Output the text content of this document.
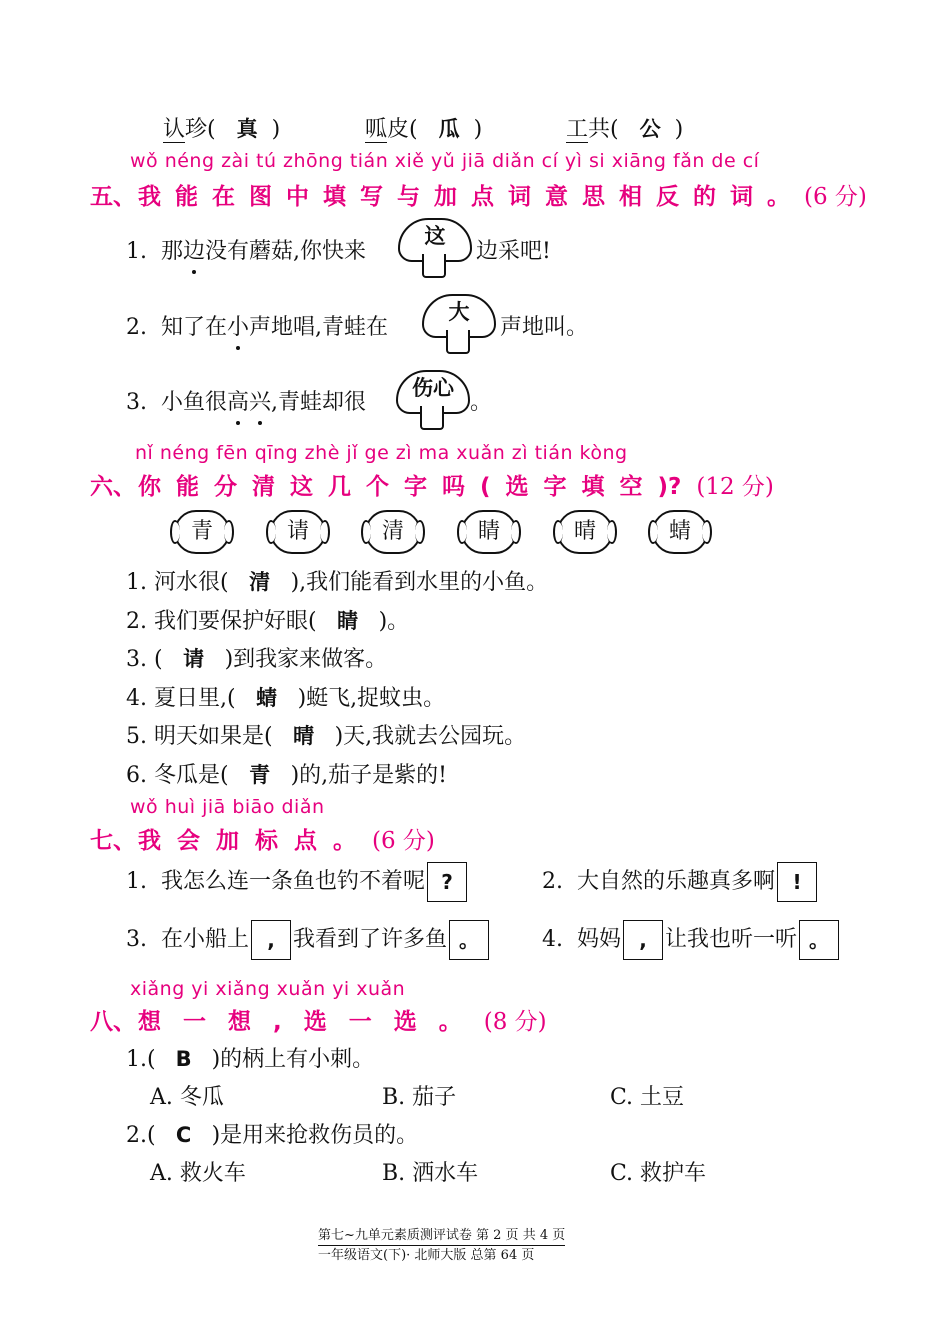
认珍( 真 )	呱皮( 瓜 )	工共( 公 )
wǒ néng zài tú zhōng tián xiě yǔ jiā diǎn cí yì si xiāng fǎn de cí
五、我 能 在 图 中 填 写 与 加 点 词 意 思 相 反 的 词 。 (6 分)
1. 那边没有蘑菇,你快来
这
边采吧!
2. 知了在小声地唱,青蛙在
大
声地叫。
3. 小鱼很高兴,青蛙却很
伤心
。
nǐ néng fēn qīng zhè jǐ ge zì ma xuǎn zì tián kòng
六、你 能 分 清 这 几 个 字 吗 ( 选 字 填 空 )? (12 分)
青	请	清	睛	晴	蜻
1. 河水很( 清 ),我们能看到水里的小鱼。
2. 我们要保护好眼( 睛 )。
3. ( 请 )到我家来做客。
4. 夏日里,( 蜻 )蜓飞,捉蚊虫。
5. 明天如果是( 晴 )天,我就去公园玩。
6. 冬瓜是( 青 )的,茄子是紫的!
wǒ huì jiā biāo diǎn
七、我 会 加 标 点 。 (6 分)
1. 我怎么连一条鱼也钓不着呢 ?	2. 大自然的乐趣真多啊 !
3. 在小船上 , 我看到了许多鱼 。	4. 妈妈 , 让我也听一听 。
xiǎng yi xiǎng xuǎn yi xuǎn
八、想 一 想 , 选 一 选 。 (8 分)
1.( B )的柄上有小刺。
A. 冬瓜	B. 茄子	C. 土豆
2.( C )是用来抢救伤员的。
A. 救火车	B. 洒水车	C. 救护车
第七~九单元素质测评试卷 第 2 页 共 4 页
一年级语文(下)· 北师大版 总第 64 页
